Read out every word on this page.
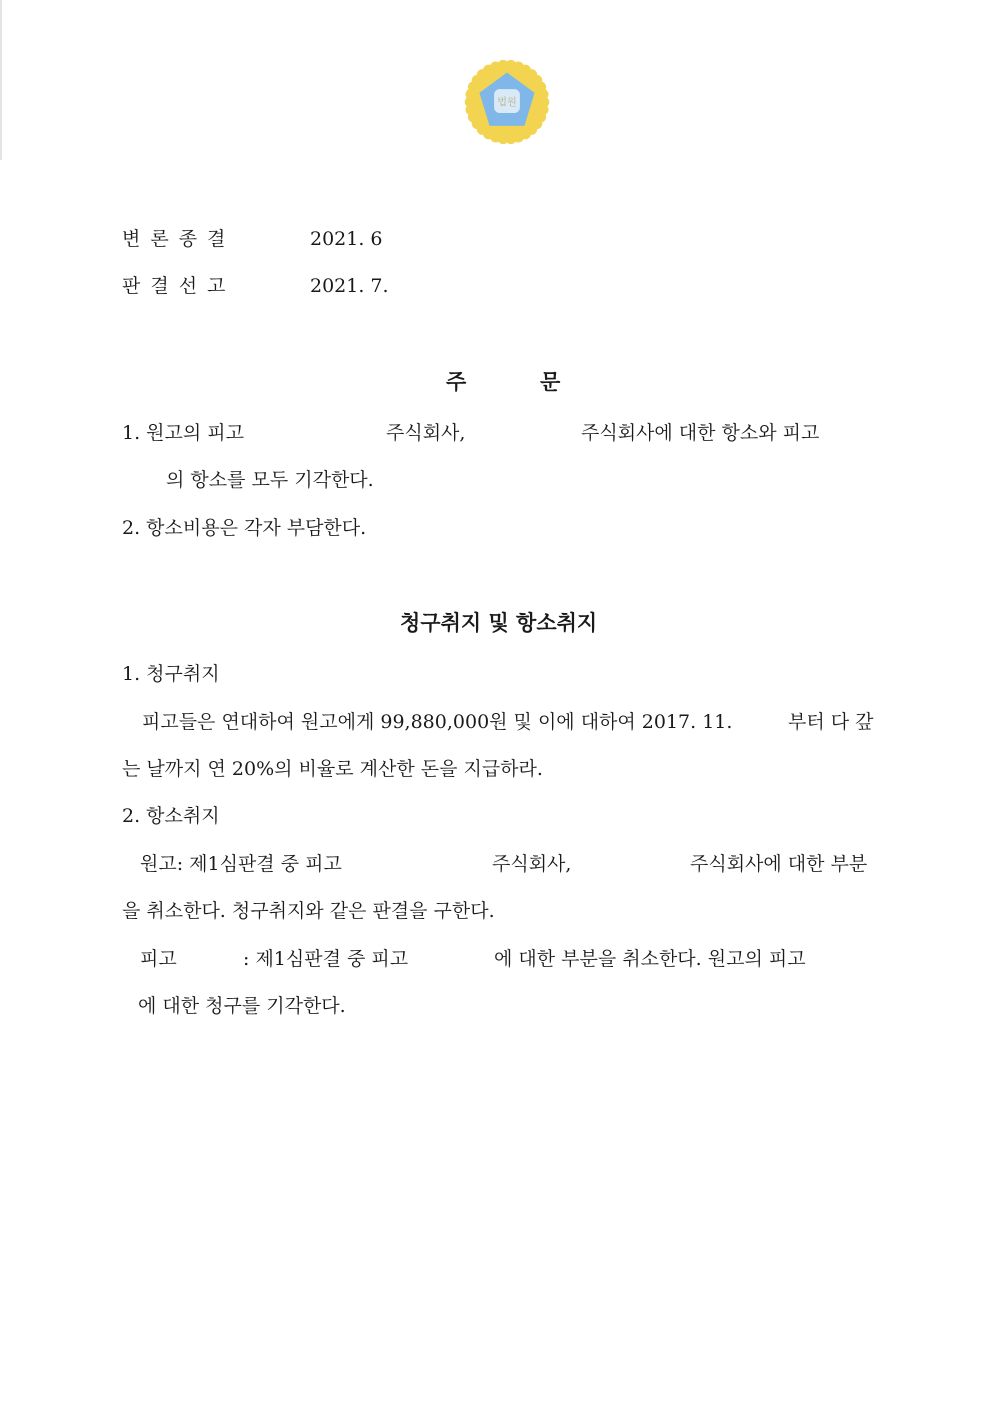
법원
변론종결	2021. 6
판결선고	2021. 7.
주	문
1. 원고의 피고	주식회사,	주식회사에 대한 항소와 피고
의 항소를 모두 기각한다.
2. 항소비용은 각자 부담한다.
청구취지 및 항소취지
1. 청구취지
피고들은 연대하여 원고에게 99,880,000원 및 이에 대하여 2017. 11.	부터 다 갚
는 날까지 연 20%의 비율로 계산한 돈을 지급하라.
2. 항소취지
원고: 제1심판결 중 피고	주식회사,	주식회사에 대한 부분
을 취소한다. 청구취지와 같은 판결을 구한다.
피고	: 제1심판결 중 피고	에 대한 부분을 취소한다. 원고의 피고
에 대한 청구를 기각한다.
